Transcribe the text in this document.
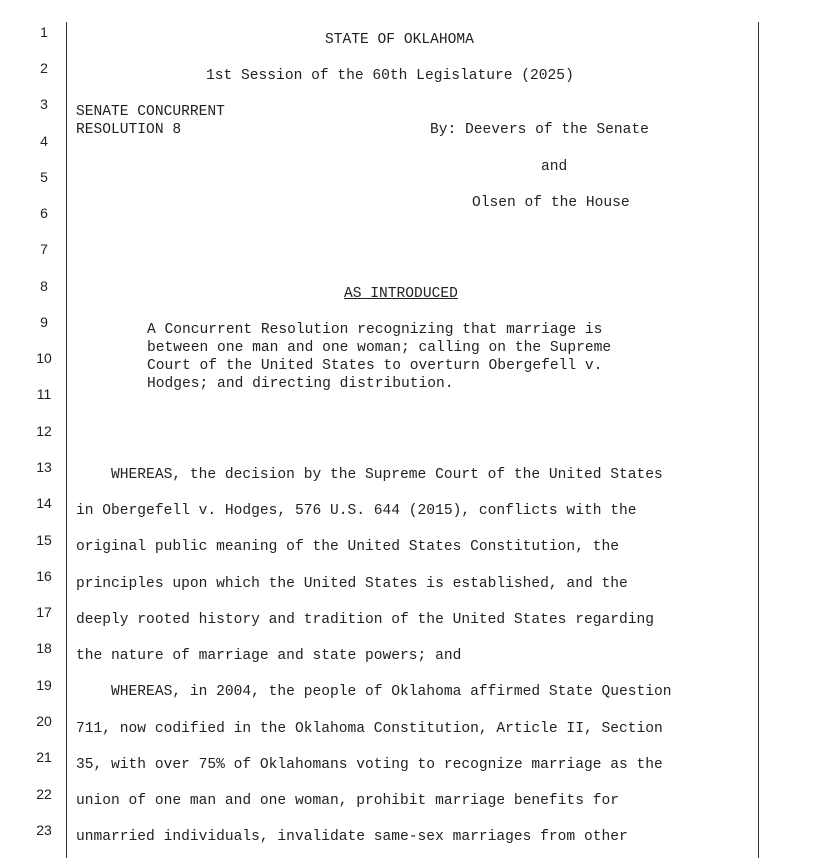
1
2
3
4
5
6
7
8
9
10
11
12
13
14
15
16
17
18
19
20
21
22
23
STATE OF OKLAHOMA
1st Session of the 60th Legislature (2025)
SENATE CONCURRENT
RESOLUTION 8	By: Deevers of the Senate
and
Olsen of the House
AS INTRODUCED
A Concurrent Resolution recognizing that marriage is
between one man and one woman; calling on the Supreme
Court of the United States to overturn Obergefell v.
Hodges; and directing distribution.
WHEREAS, the decision by the Supreme Court of the United States
in Obergefell v. Hodges, 576 U.S. 644 (2015), conflicts with the
original public meaning of the United States Constitution, the
principles upon which the United States is established, and the
deeply rooted history and tradition of the United States regarding
the nature of marriage and state powers; and
WHEREAS, in 2004, the people of Oklahoma affirmed State Question
711, now codified in the Oklahoma Constitution, Article II, Section
35, with over 75% of Oklahomans voting to recognize marriage as the
union of one man and one woman, prohibit marriage benefits for
unmarried individuals, invalidate same-sex marriages from other
